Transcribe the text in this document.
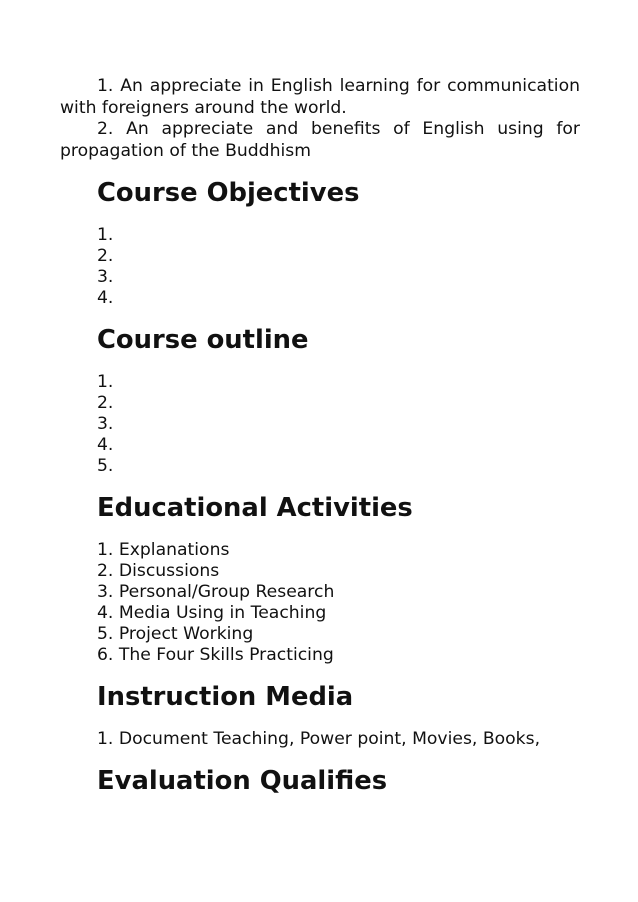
1. An appreciate in English learning for communication with foreigners around the world.

2. An appreciate and benefits of English using for propagation of the Buddhism

Course Objectives
1.
2.
3.
4.
Course outline
1.
2.
3.
4.
5.
Educational Activities
1. Explanations
2. Discussions
3. Personal/Group Research
4. Media Using in Teaching
5. Project Working
6. The Four Skills Practicing
Instruction Media
1. Document Teaching, Power point, Movies, Books,
Evaluation Qualifies
